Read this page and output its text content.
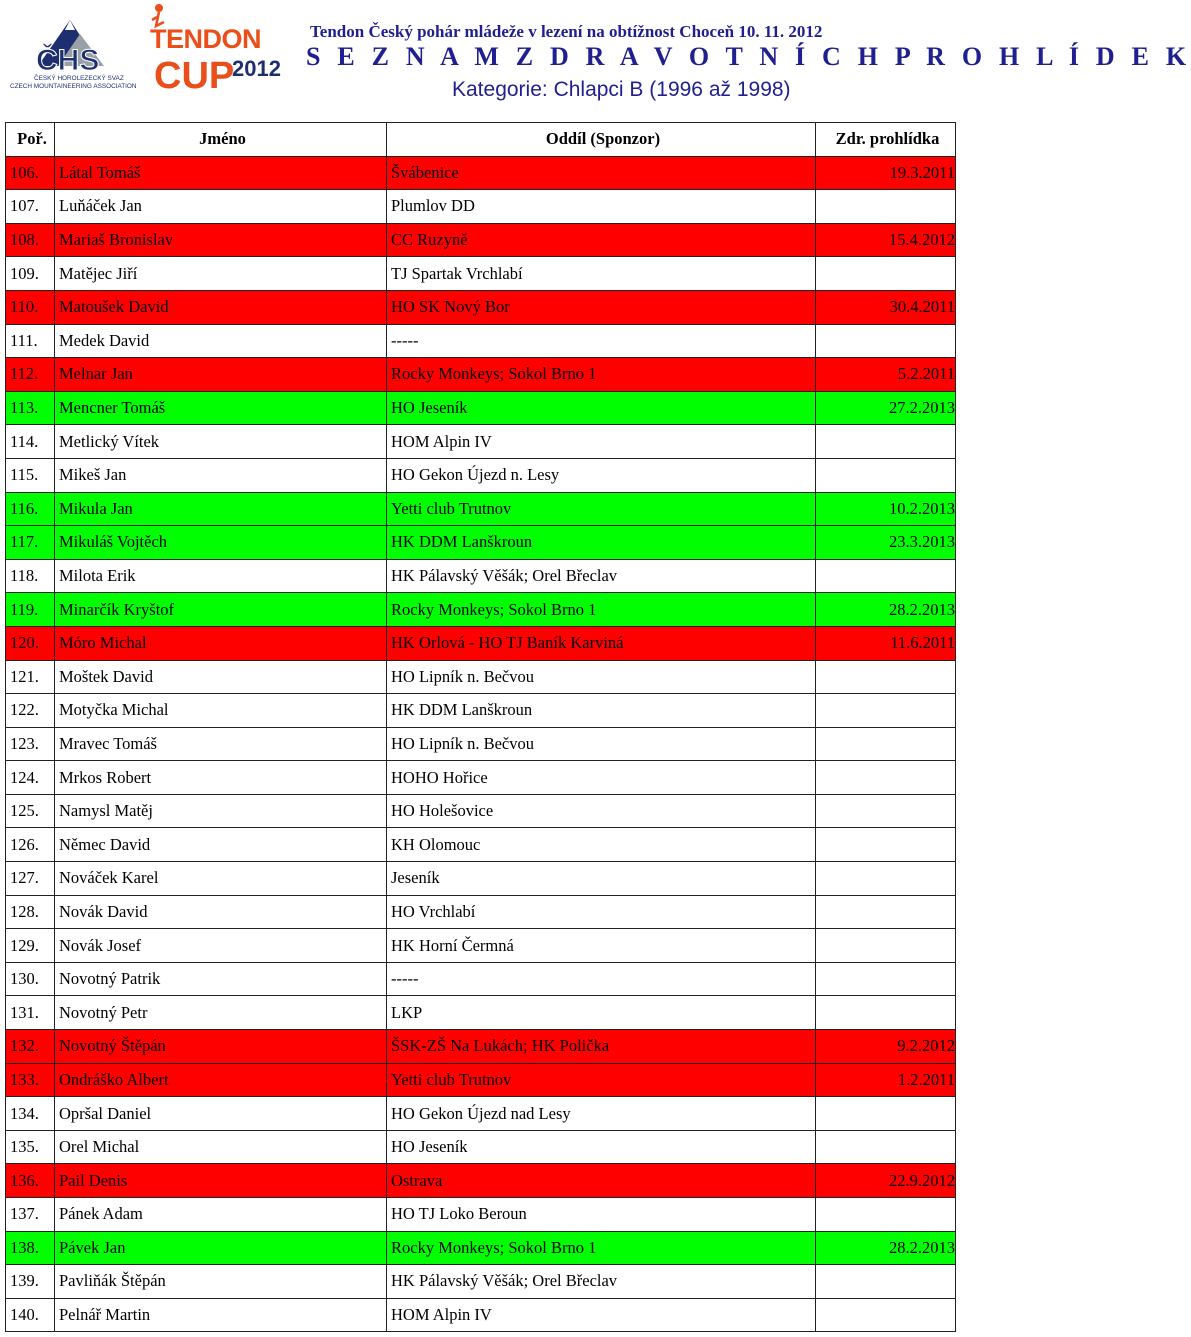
ČHS
ČESKÝ HOROLEZECKÝ SVAZ
CZECH MOUNTAINEERING ASSOCIATION
TENDON
CUP
2012
Tendon Český pohár mládeže v lezení na obtížnost Choceň 10. 11. 2012
S E Z N A M Z D R A V O T N Í C H P R O H L Í D E K
Kategorie: Chlapci B (1996 až 1998)
Poř.	Jméno	Oddíl (Sponzor)	Zdr. prohlídka
106.	Látal Tomáš	Švábenice	19.3.2011
107.	Luňáček Jan	Plumlov DD	
108.	Mariaš Bronislav	CC Ruzyně	15.4.2012
109.	Matějec Jiří	TJ Spartak Vrchlabí	
110.	Matoušek David	HO SK Nový Bor	30.4.2011
111.	Medek David	-----	
112.	Melnar Jan	Rocky Monkeys; Sokol Brno 1	5.2.2011
113.	Mencner Tomáš	HO Jeseník	27.2.2013
114.	Metlický Vítek	HOM Alpin IV	
115.	Mikeš Jan	HO Gekon Újezd n. Lesy	
116.	Mikula Jan	Yetti club Trutnov	10.2.2013
117.	Mikuláš Vojtěch	HK DDM Lanškroun	23.3.2013
118.	Milota Erik	HK Pálavský Věšák; Orel Břeclav	
119.	Minarčík Kryštof	Rocky Monkeys; Sokol Brno 1	28.2.2013
120.	Móro Michal	HK Orlová - HO TJ Baník Karviná	11.6.2011
121.	Moštek David	HO Lipník n. Bečvou	
122.	Motyčka Michal	HK DDM Lanškroun	
123.	Mravec Tomáš	HO Lipník n. Bečvou	
124.	Mrkos Robert	HOHO Hořice	
125.	Namysl Matěj	HO Holešovice	
126.	Němec David	KH Olomouc	
127.	Nováček Karel	Jeseník	
128.	Novák David	HO Vrchlabí	
129.	Novák Josef	HK Horní Čermná	
130.	Novotný Patrik	-----	
131.	Novotný Petr	LKP	
132.	Novotný Štěpán	ŠSK-ZŠ Na Lukách; HK Polička	9.2.2012
133.	Ondráško Albert	Yetti club Trutnov	1.2.2011
134.	Opršal Daniel	HO Gekon Újezd nad Lesy	
135.	Orel Michal	HO Jeseník	
136.	Pail Denis	Ostrava	22.9.2012
137.	Pánek Adam	HO TJ Loko Beroun	
138.	Pávek Jan	Rocky Monkeys; Sokol Brno 1	28.2.2013
139.	Pavliňák Štěpán	HK Pálavský Věšák; Orel Břeclav	
140.	Pelnář Martin	HOM Alpin IV	
